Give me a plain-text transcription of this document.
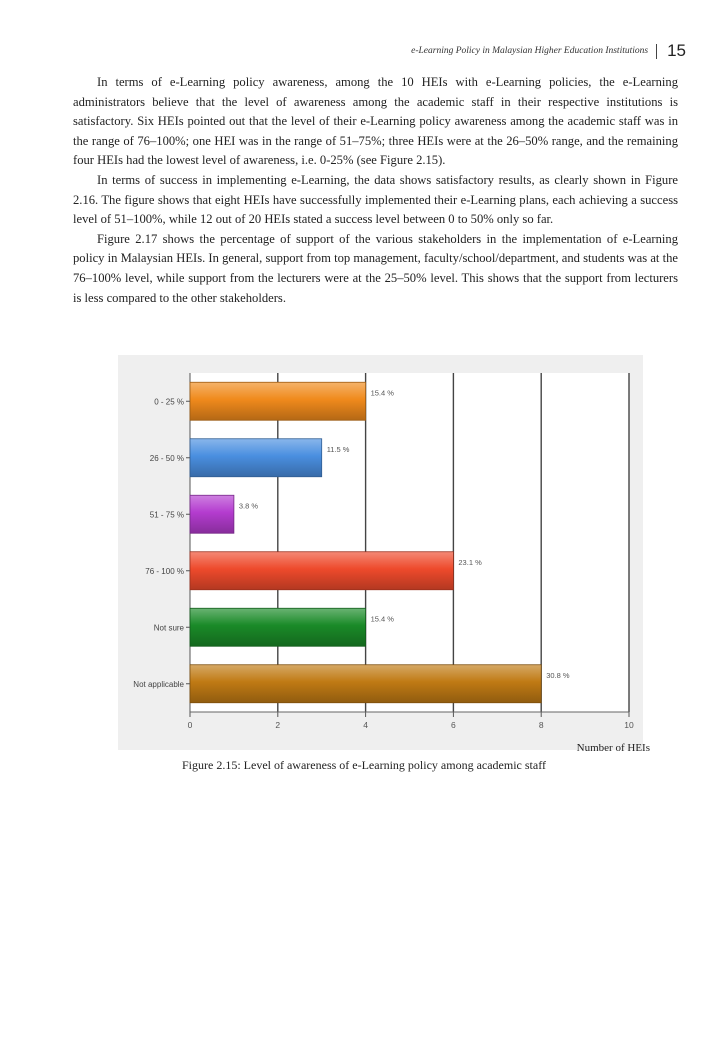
e-Learning Policy in Malaysian Higher Education Institutions 15

In terms of e-Learning policy awareness, among the 10 HEIs with e-Learning policies, the e-Learning administrators believe that the level of awareness among the academic staff in their respective institutions is satisfactory. Six HEIs pointed out that the level of their e-Learning policy awareness among the academic staff was in the range of 76–100%; one HEI was in the range of 51–75%; three HEIs were at the 26–50% range, and the remaining four HEIs had the lowest level of awareness, i.e. 0-25% (see Figure 2.15).

In terms of success in implementing e-Learning, the data shows satisfactory results, as clearly shown in Figure 2.16. The figure shows that eight HEIs have successfully implemented their e-Learning plans, each achieving a success level of 51–100%, while 12 out of 20 HEIs stated a success level between 0 to 50% only so far.

Figure 2.17 shows the percentage of support of the various stakeholders in the implementation of e-Learning policy in Malaysian HEIs. In general, support from top management, faculty/school/department, and students was at the 76–100% level, while support from the lecturers were at the 25–50% level. This shows that the support from lecturers is less compared to the other stakeholders.

0	2	4	6	8	10
0 - 25 %
15.4 %
26 - 50 %
11.5 %
51 - 75 %
3.8 %
76 - 100 %
23.1 %
Not sure
15.4 %
Not applicable
30.8 %
Number of HEIs
Figure 2.15: Level of awareness of e-Learning policy among academic staff
